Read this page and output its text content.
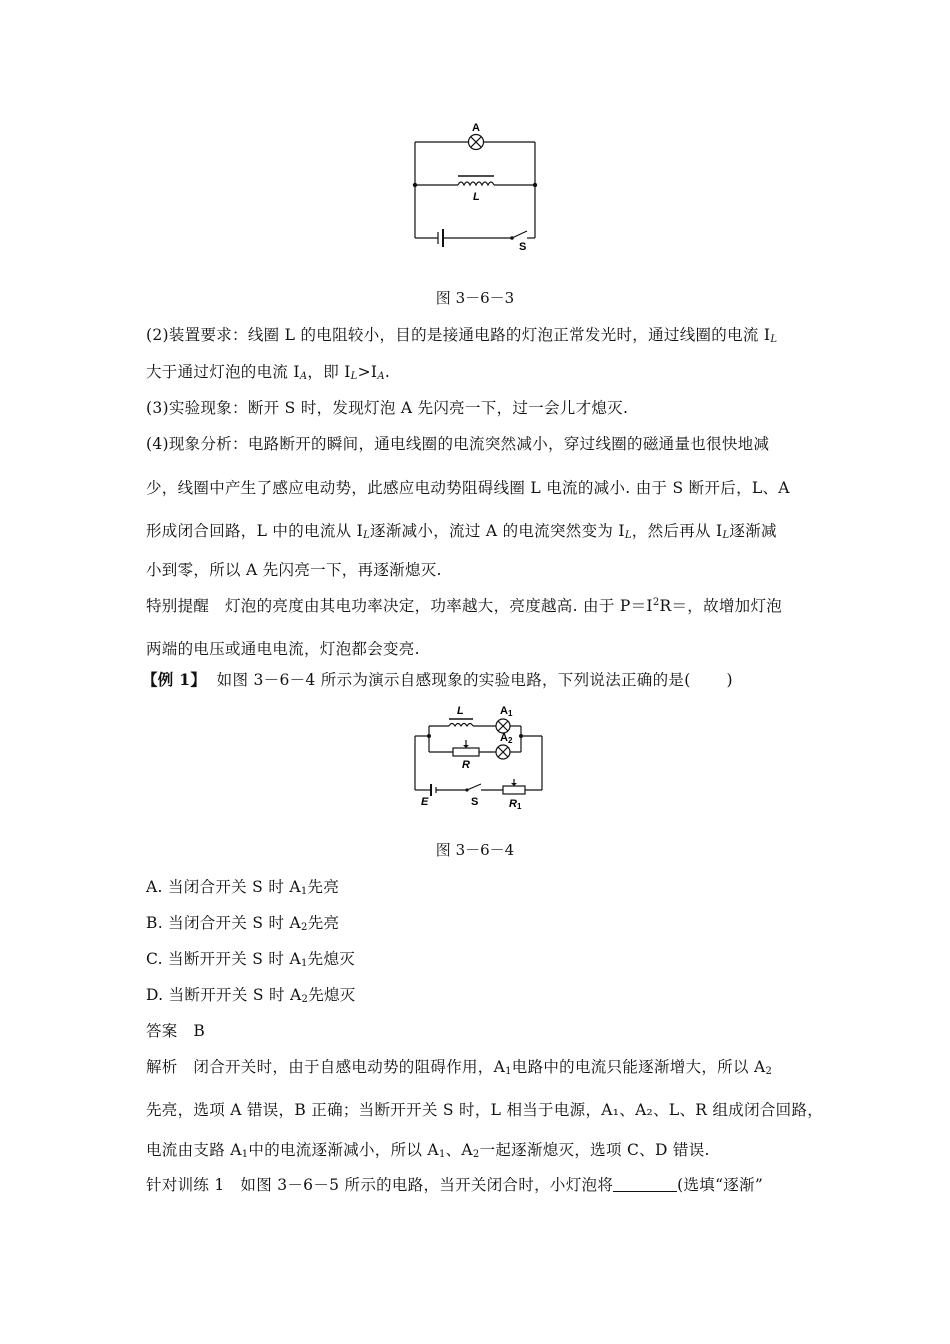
A
L
S
图 3－6－3
(2)装置要求：线圈 L 的电阻较小，目的是接通电路的灯泡正常发光时，通过线圈的电流 $I_L$
大于通过灯泡的电流 $I_A$，即 $I_L>I_A$.
(3)实验现象：断开 S 时，发现灯泡 A 先闪亮一下，过一会儿才熄灭.
(4)现象分析：电路断开的瞬间，通电线圈的电流突然减小，穿过线圈的磁通量也很快地减
少，线圈中产生了感应电动势，此感应电动势阻碍线圈 L 电流的减小. 由于 S 断开后，L、A
形成闭合回路，L 中的电流从 $I_L$逐渐减小，流过 A 的电流突然变为 $I_L$，然后再从 $I_L$逐渐减
小到零，所以 A 先闪亮一下，再逐渐熄灭.
特别提醒　灯泡的亮度由其电功率决定，功率越大，亮度越高. 由于 $P=I^2R=$，故增加灯泡
两端的电压或通电电流，灯泡都会变亮.
【例 1】 如图 3－6－4 所示为演示自感现象的实验电路，下列说法正确的是( )
L	A1
A2
R
E	S	R1
图 3－6－4
A. 当闭合开关 S 时 $A_1$先亮
B. 当闭合开关 S 时 $A_2$先亮
C. 当断开开关 S 时 $A_1$先熄灭
D. 当断开开关 S 时 $A_2$先熄灭
答案　B
解析　闭合开关时，由于自感电动势的阻碍作用，$A_1$电路中的电流只能逐渐增大，所以 $A_2$
先亮，选项 A 错误，B 正确；当断开开关 S 时，L 相当于电源，A₁、A₂、L、R 组成闭合回路，
电流由支路 $A_1$中的电流逐渐减小，所以 $A_1$、$A_2$一起逐渐熄灭，选项 C、D 错误.
针对训练 1　如图 3－6－5 所示的电路，当开关闭合时，小灯泡将	(选填“逐渐”
